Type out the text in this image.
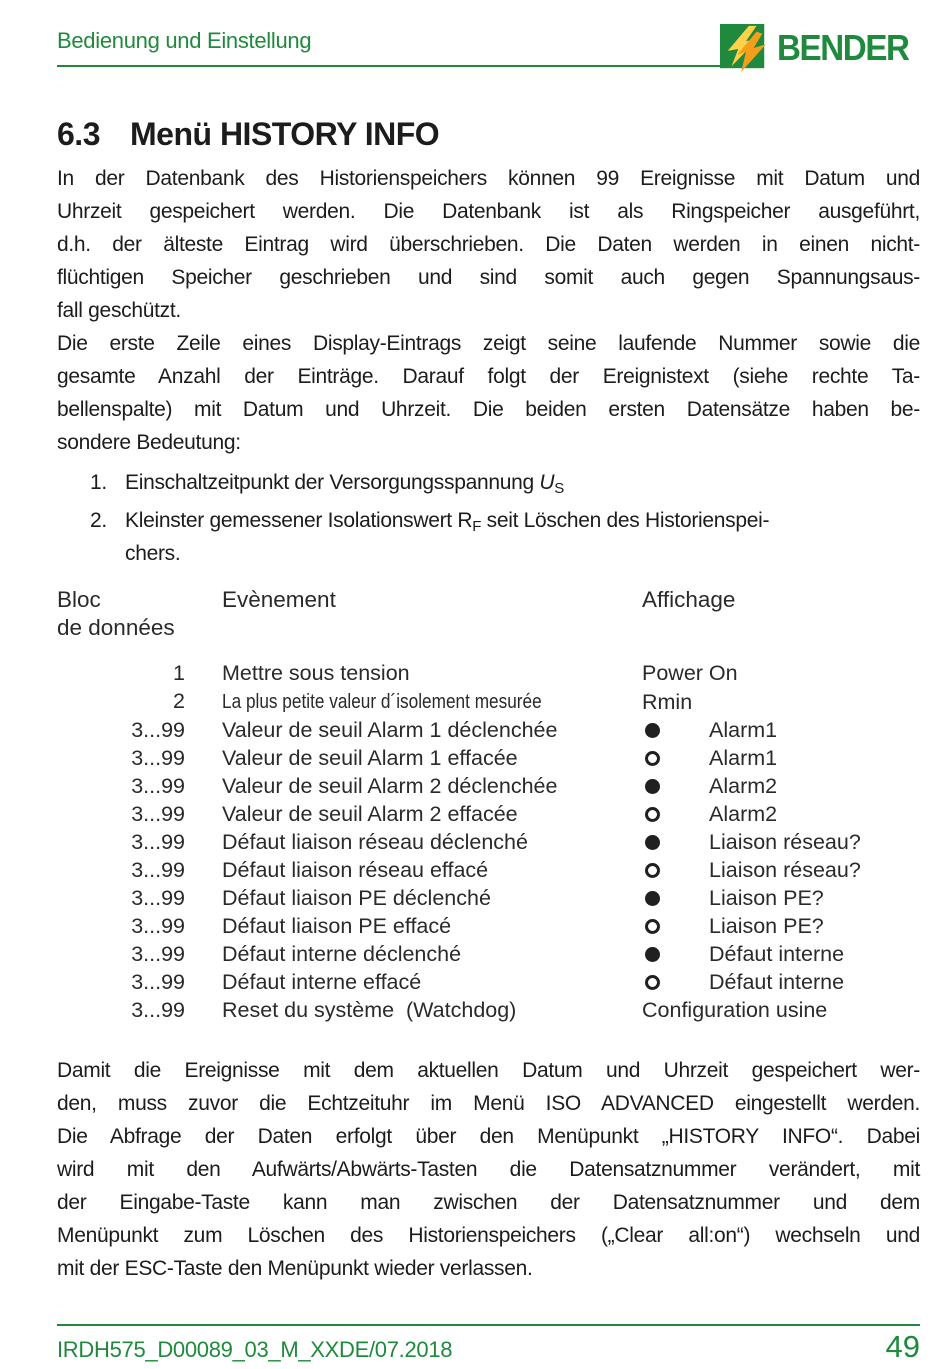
Bedienung und Einstellung	BENDER
6.3 Menü HISTORY INFO
In der Datenbank des Historienspeichers können 99 Ereignisse mit Datum und
Uhrzeit gespeichert werden. Die Datenbank ist als Ringspeicher ausgeführt,
d.h. der älteste Eintrag wird überschrieben. Die Daten werden in einen nicht-
flüchtigen Speicher geschrieben und sind somit auch gegen Spannungsaus-
fall geschützt.
Die erste Zeile eines Display-Eintrags zeigt seine laufende Nummer sowie die
gesamte Anzahl der Einträge. Darauf folgt der Ereignistext (siehe rechte Ta-
bellenspalte) mit Datum und Uhrzeit. Die beiden ersten Datensätze haben be-
sondere Bedeutung:
1. Einschaltzeitpunkt der Versorgungsspannung $U_S$
2. Kleinster gemessener Isolationswert $R_F$ seit Löschen des Historienspei-
chers.
Bloc
de données
Evènement	Affichage
1 Mettre sous tension	Power On
2 La plus petite valeur d´isolement mesurée	Rmin
3...99 Valeur de seuil Alarm 1 déclenchée	Alarm1
3...99 Valeur de seuil Alarm 1 effacée	Alarm1
3...99 Valeur de seuil Alarm 2 déclenchée	Alarm2
3...99 Valeur de seuil Alarm 2 effacée	Alarm2
3...99 Défaut liaison réseau déclenché	Liaison réseau?
3...99 Défaut liaison réseau effacé	Liaison réseau?
3...99 Défaut liaison PE déclenché	Liaison PE?
3...99 Défaut liaison PE effacé	Liaison PE?
3...99 Défaut interne déclenché	Défaut interne
3...99 Défaut interne effacé	Défaut interne
3...99 Reset du système  (Watchdog)	Configuration usine
Damit die Ereignisse mit dem aktuellen Datum und Uhrzeit gespeichert wer-
den, muss zuvor die Echtzeituhr im Menü ISO ADVANCED eingestellt werden.
Die Abfrage der Daten erfolgt über den Menüpunkt „HISTORY INFO“. Dabei
wird mit den Aufwärts/Abwärts-Tasten die Datensatznummer verändert, mit
der Eingabe-Taste kann man zwischen der Datensatznummer und dem
Menüpunkt zum Löschen des Historienspeichers („Clear all:on“) wechseln und
mit der ESC-Taste den Menüpunkt wieder verlassen.
IRDH575_D00089_03_M_XXDE/07.2018	49
